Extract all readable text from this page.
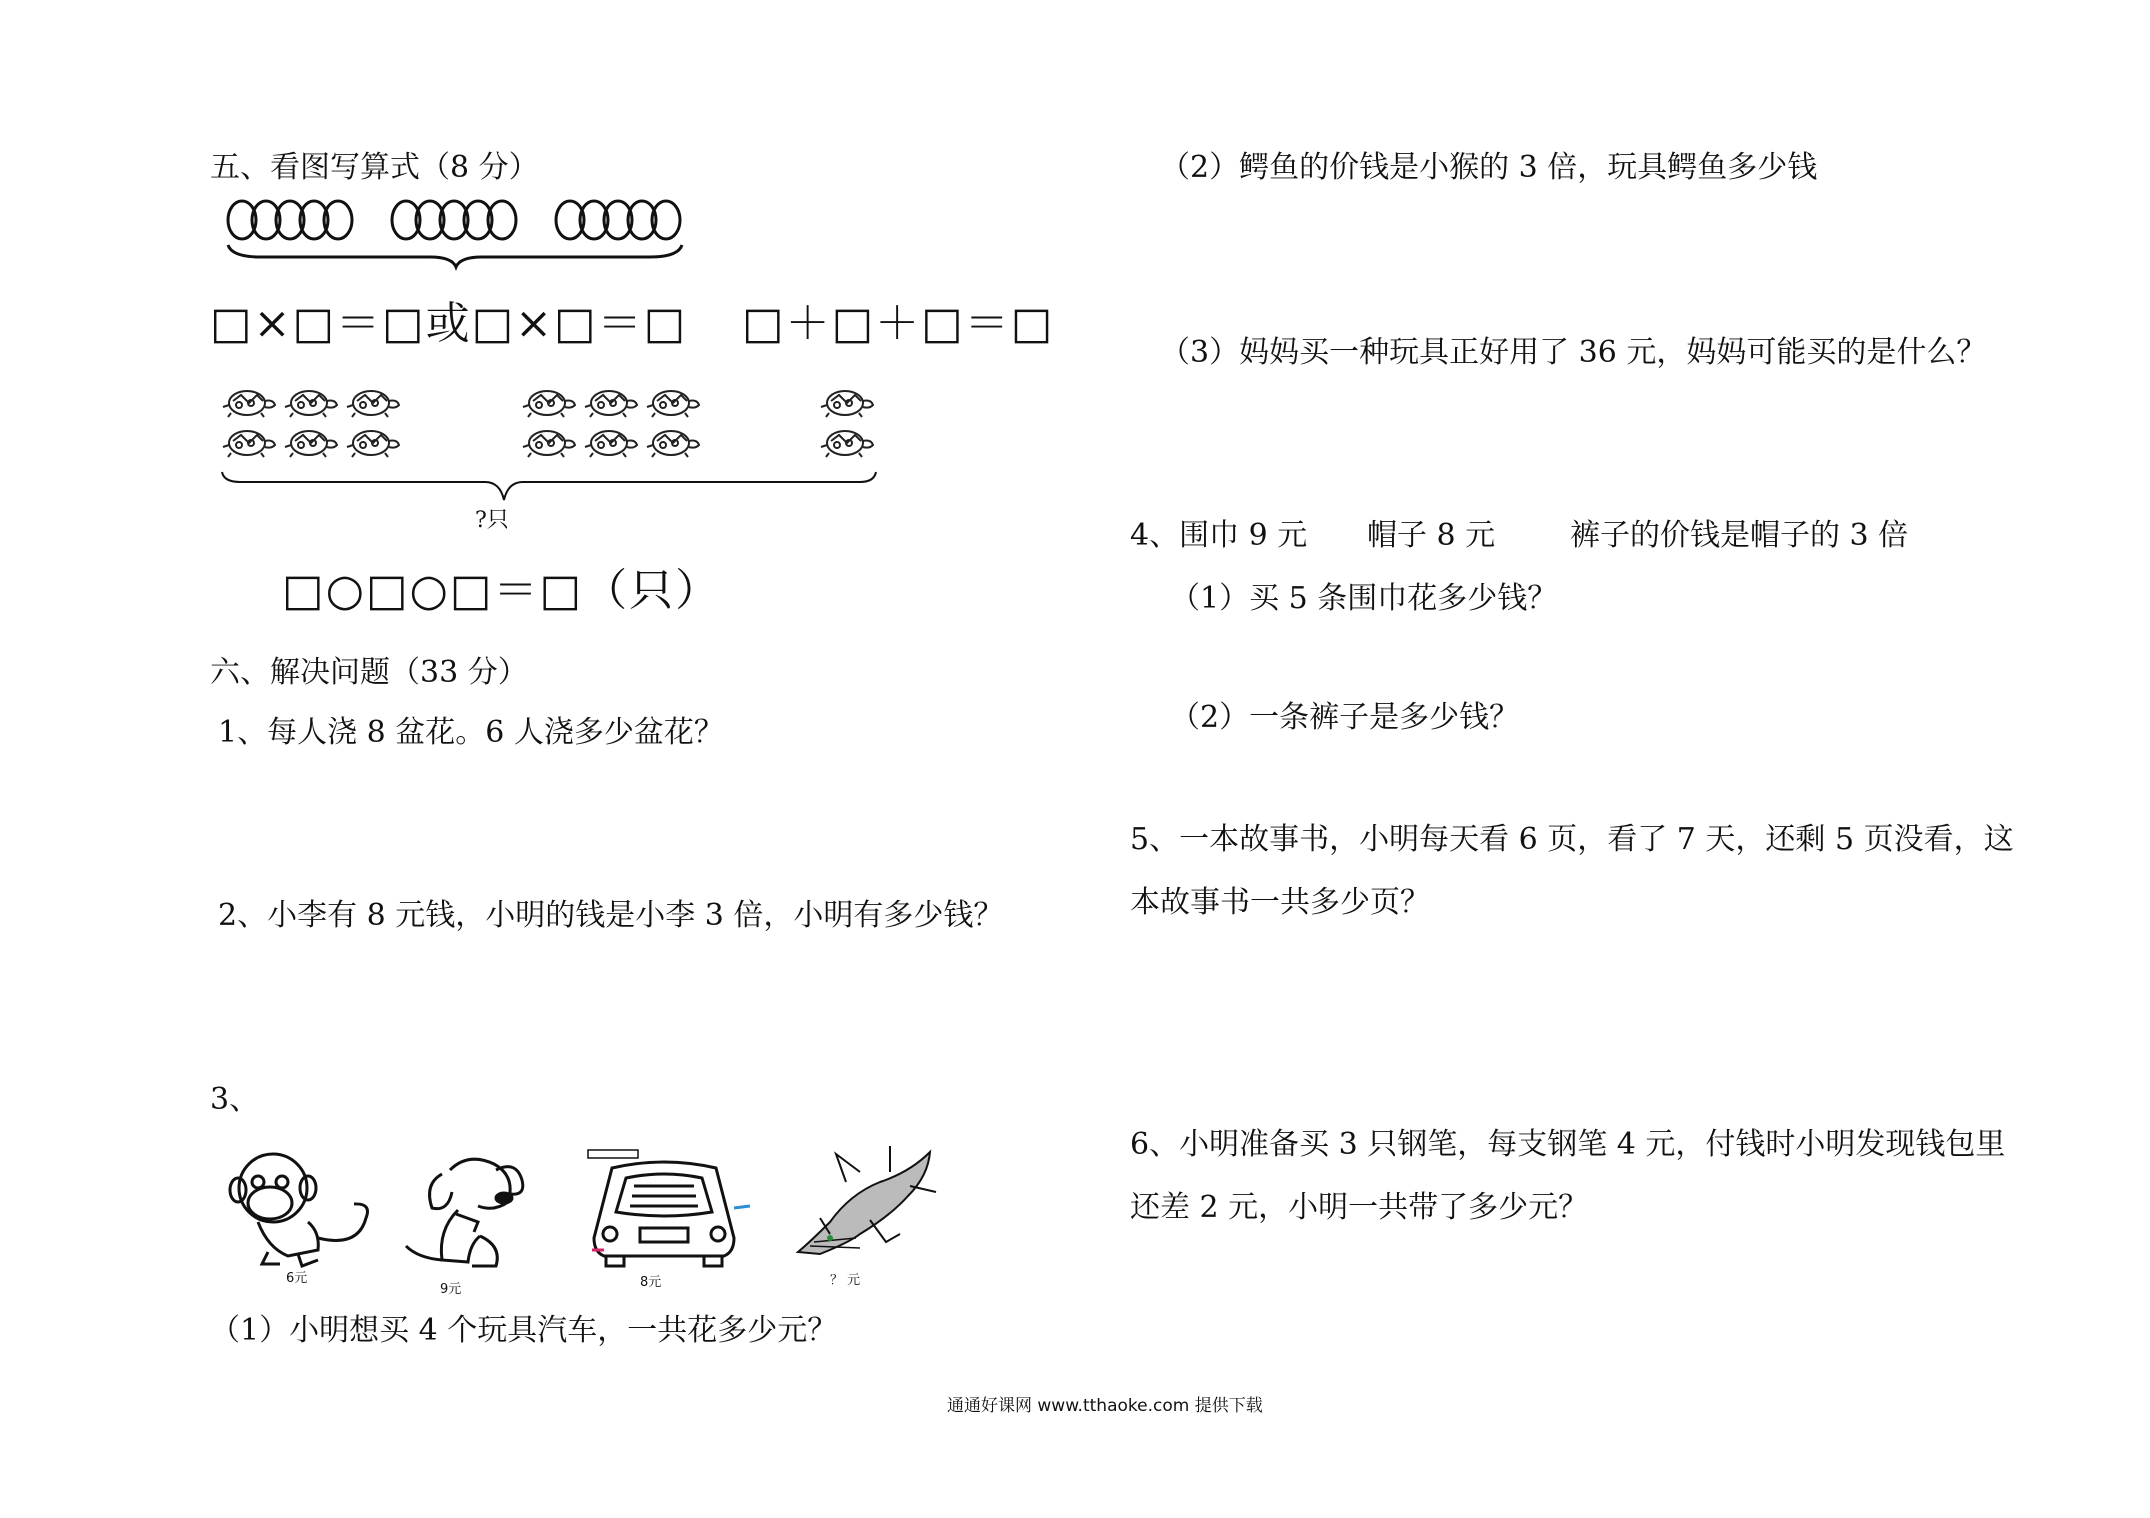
五、看图写算式（8 分）
□×□＝□或□×□＝□ □＋□＋□＝□
?只
□○□○□＝□（只）
六、解决问题（33 分）
1、每人浇 8 盆花。6 人浇多少盆花？
2、小李有 8 元钱，小明的钱是小李 3 倍，小明有多少钱？
3、
6元
9元	8元	？ 元
（1）小明想买 4 个玩具汽车，一共花多少元？
（2）鳄鱼的价钱是小猴的 3 倍，玩具鳄鱼多少钱
（3）妈妈买一种玩具正好用了 36 元，妈妈可能买的是什么？
4、围巾 9 元 帽子 8 元 裤子的价钱是帽子的 3 倍
（1）买 5 条围巾花多少钱？
（2）一条裤子是多少钱？
5、一本故事书，小明每天看 6 页，看了 7 天，还剩 5 页没看，这
本故事书一共多少页？
6、小明准备买 3 只钢笔，每支钢笔 4 元，付钱时小明发现钱包里
还差 2 元，小明一共带了多少元？
通通好课网 www.tthaoke.com 提供下载
